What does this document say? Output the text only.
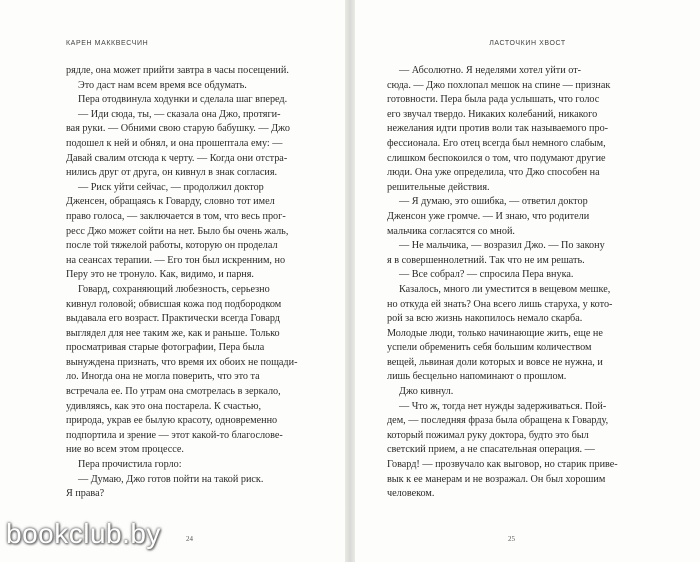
КАРЕН МАККВЕСЧИН
рядле, она может прийти завтра в часы посещений.
Это даст нам всем время все обдумать.
Пера отодвинула ходунки и сделала шаг вперед.
— Иди сюда, ты, — сказала она Джо, протяги-
вая руки. — Обними свою старую бабушку. — Джо
подошел к ней и обнял, и она прошептала ему: —
Давай свалим отсюда к черту. — Когда они отстра-
нились друг от друга, он кивнул в знак согласия.
— Риск уйти сейчас, — продолжил доктор
Дженсен, обращаясь к Говарду, словно тот имел
право голоса, — заключается в том, что весь прог-
ресс Джо может сойти на нет. Было бы очень жаль,
после той тяжелой работы, которую он проделал
на сеансах терапии. — Его тон был искренним, но
Перу это не тронуло. Как, видимо, и парня.
Говард, сохраняющий любезность, серьезно
кивнул головой; обвисшая кожа под подбородком
выдавала его возраст. Практически всегда Говард
выглядел для нее таким же, как и раньше. Только
просматривая старые фотографии, Пера была
вынуждена признать, что время их обоих не пощади-
ло. Иногда она не могла поверить, что это та
встречала ее. По утрам она смотрелась в зеркало,
удивляясь, как это она постарела. К счастью,
природа, украв ее былую красоту, одновременно
подпортила и зрение — этот какой-то благослове-
ние во всем этом процессе.
Пера прочистила горло:
— Думаю, Джо готов пойти на такой риск.
Я права?
24
ЛАСТОЧКИН ХВОСТ
— Абсолютно. Я неделями хотел уйти от-
сюда. — Джо похлопал мешок на спине — признак
готовности. Пера была рада услышать, что голос
его звучал твердо. Никаких колебаний, никакого
нежелания идти против воли так называемого про-
фессионала. Его отец всегда был немного слабым,
слишком беспокоился о том, что подумают другие
люди. Она уже определила, что Джо способен на
решительные действия.
— Я думаю, это ошибка, — ответил доктор
Дженсон уже громче. — И знаю, что родители
мальчика согласятся со мной.
— Не мальчика, — возразил Джо. — По закону
я в совершеннолетний. Так что не им решать.
— Все собрал? — спросила Пера внука.
Казалось, много ли уместится в вещевом мешке,
но откуда ей знать? Она всего лишь старуха, у кото-
рой за всю жизнь накопилось немало скарба.
Молодые люди, только начинающие жить, еще не
успели обременить себя большим количеством
вещей, львиная доли которых и вовсе не нужна, и
лишь бесцельно напоминают о прошлом.
Джо кивнул.
— Что ж, тогда нет нужды задерживаться. Пой-
дем, — последняя фраза была обращена к Говарду,
который пожимал руку доктора, будто это был
светский прием, а не спасательная операция. —
Говард! — прозвучало как выговор, но старик приве-
вык к ее манерам и не возражал. Он был хорошим
человеком.
25
bookclub.by
